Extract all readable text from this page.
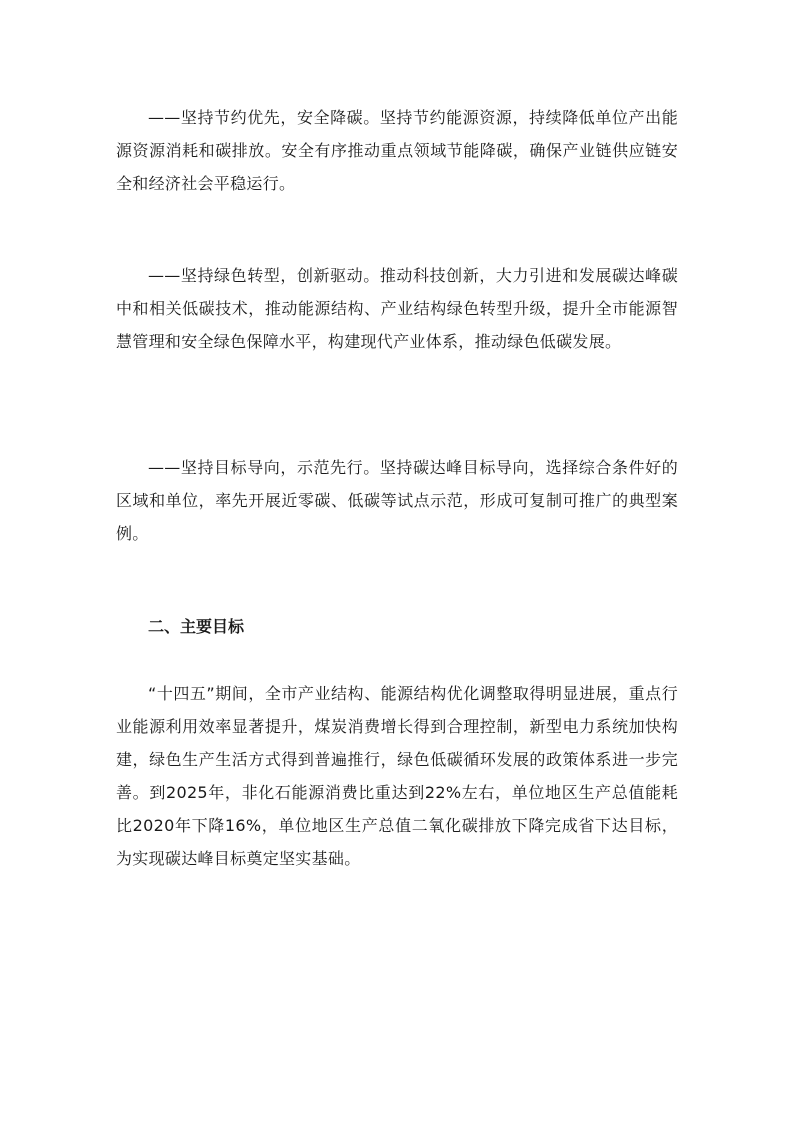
——坚持节约优先，安全降碳。坚持节约能源资源，持续降低单位产出能源资源消耗和碳排放。安全有序推动重点领域节能降碳，确保产业链供应链安全和经济社会平稳运行。

——坚持绿色转型，创新驱动。推动科技创新，大力引进和发展碳达峰碳中和相关低碳技术，推动能源结构、产业结构绿色转型升级，提升全市能源智慧管理和安全绿色保障水平，构建现代产业体系，推动绿色低碳发展。

——坚持目标导向，示范先行。坚持碳达峰目标导向，选择综合条件好的区域和单位，率先开展近零碳、低碳等试点示范，形成可复制可推广的典型案例。

二、主要目标

“十四五”期间，全市产业结构、能源结构优化调整取得明显进展，重点行业能源利用效率显著提升，煤炭消费增长得到合理控制，新型电力系统加快构建，绿色生产生活方式得到普遍推行，绿色低碳循环发展的政策体系进一步完善。到2025年，非化石能源消费比重达到22%左右，单位地区生产总值能耗比2020年下降16%，单位地区生产总值二氧化碳排放下降完成省下达目标，为实现碳达峰目标奠定坚实基础。
